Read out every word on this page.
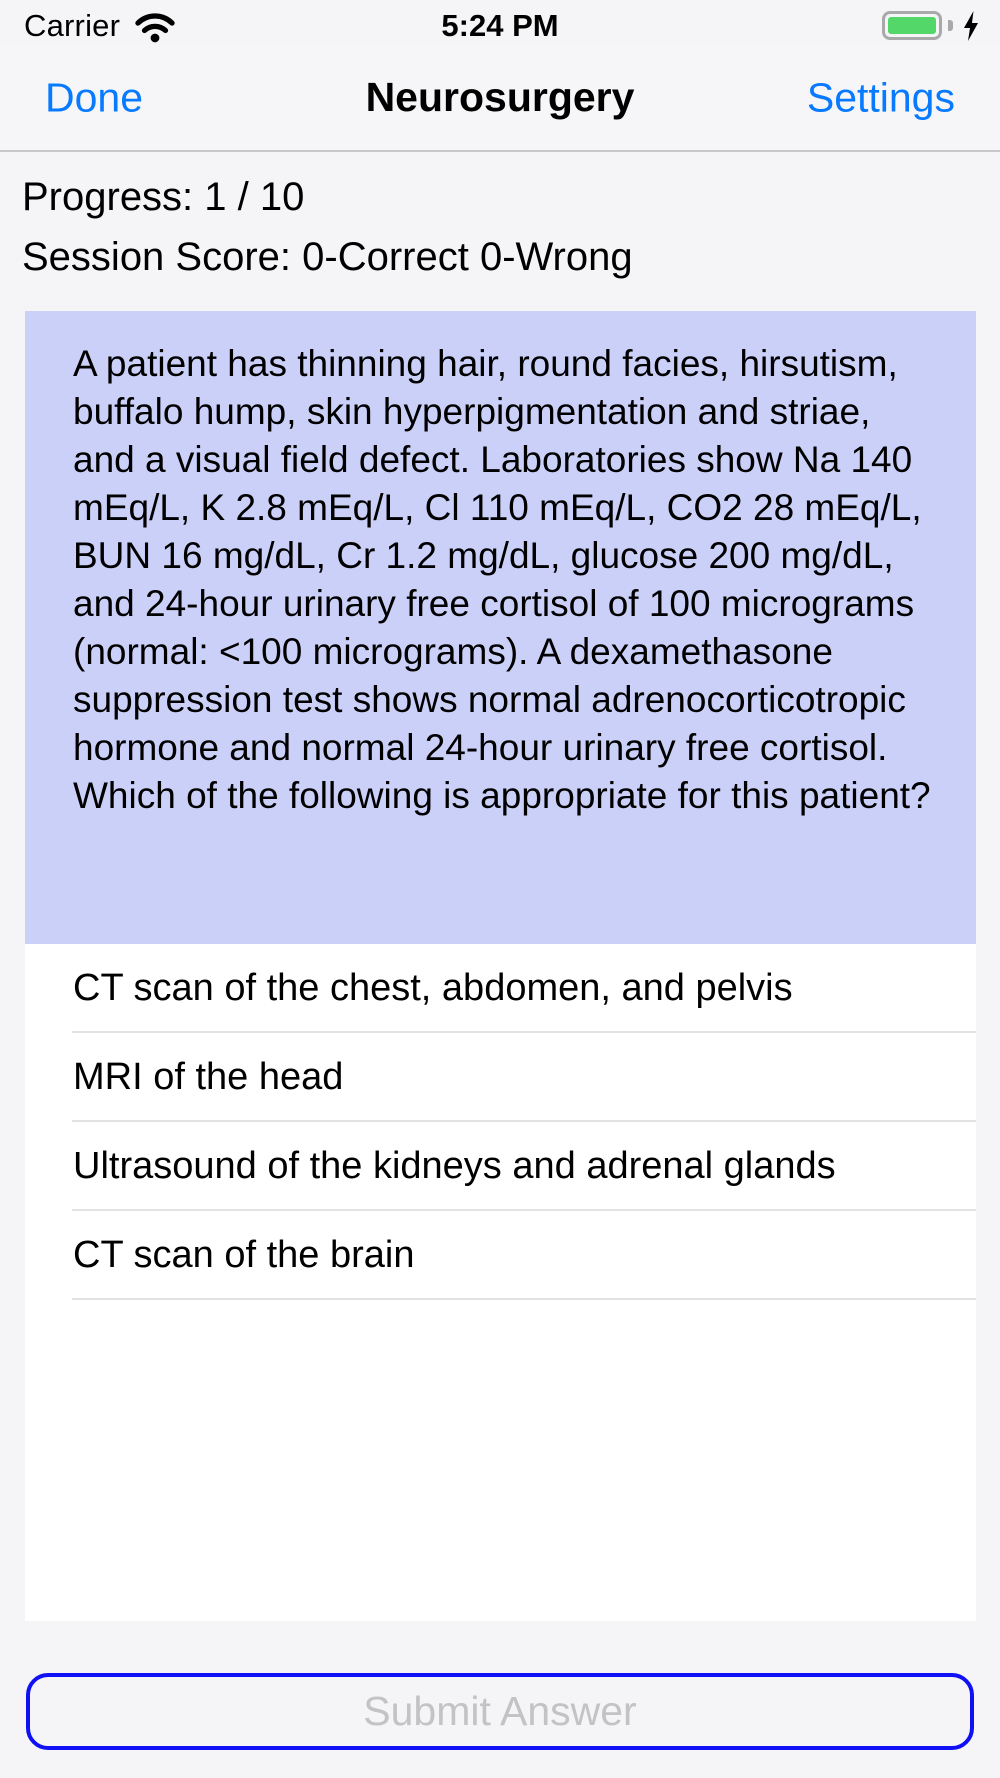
Carrier	5:24 PM
Neurosurgery
Done	Settings

Progress: 1 / 10

Session Score: 0-Correct 0-Wrong

A patient has thinning hair, round facies, hirsutism, buffalo hump, skin hyperpigmentation and striae, and a visual field defect. Laboratories show Na 140 mEq/L, K 2.8 mEq/L, Cl 110 mEq/L, CO2 28 mEq/L, BUN 16 mg/dL, Cr 1.2 mg/dL, glucose 200 mg/dL, and 24-hour urinary free cortisol of 100 micrograms (normal: <100 micrograms). A dexamethasone suppression test shows normal adrenocorticotropic hormone and normal 24-hour urinary free cortisol. Which of the following is appropriate for this patient?
CT scan of the chest, abdomen, and pelvis
MRI of the head
Ultrasound of the kidneys and adrenal glands
CT scan of the brain
Submit Answer
